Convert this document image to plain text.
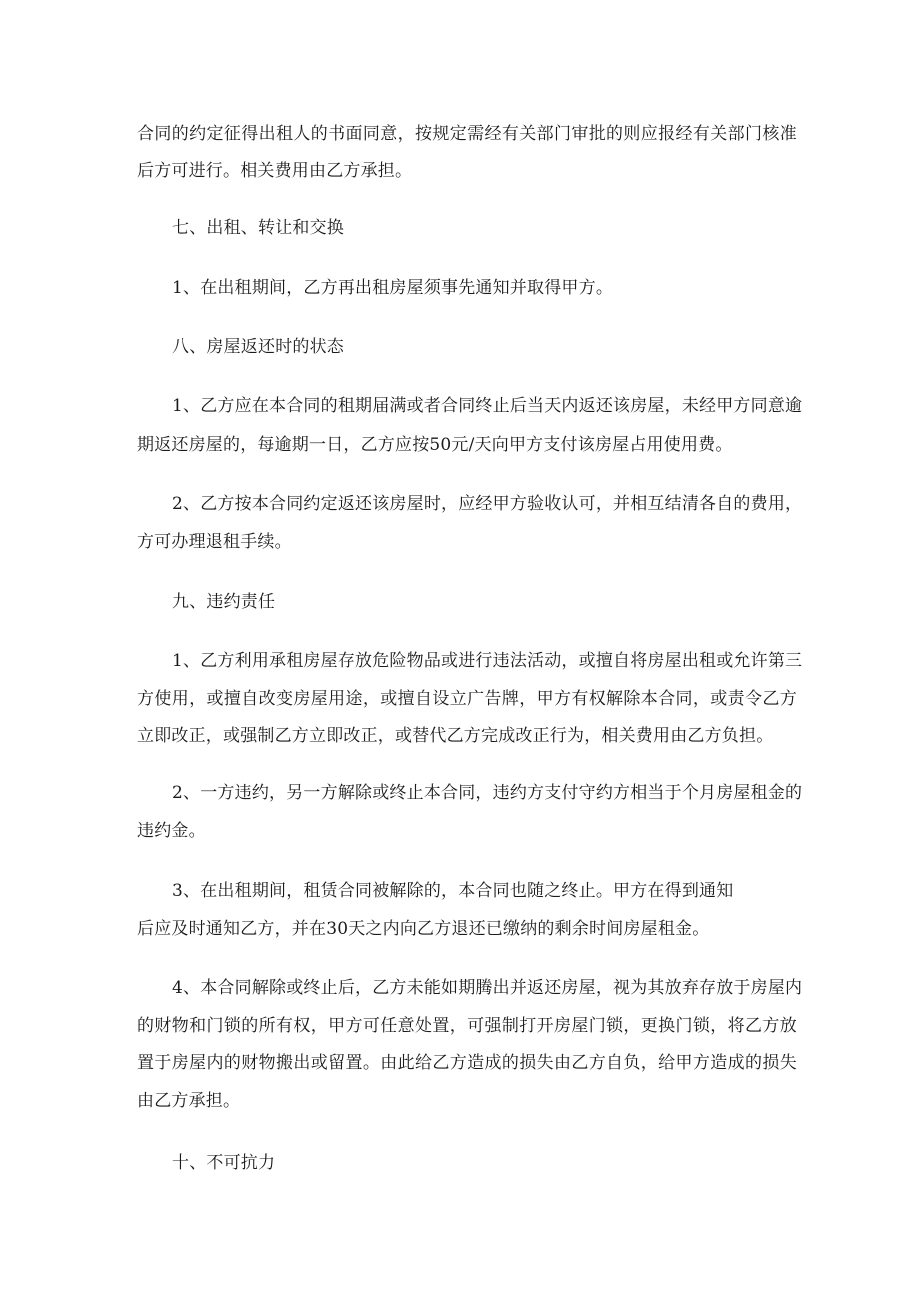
合同的约定征得出租人的书面同意，按规定需经有关部门审批的则应报经有关部门核准

后方可进行。相关费用由乙方承担。

七、出租、转让和交换

1、在出租期间，乙方再出租房屋须事先通知并取得甲方。

八、房屋返还时的状态

1、乙方应在本合同的租期届满或者合同终止后当天内返还该房屋，未经甲方同意逾

期返还房屋的，每逾期一日，乙方应按50元/天向甲方支付该房屋占用使用费。

2、乙方按本合同约定返还该房屋时，应经甲方验收认可，并相互结清各自的费用，

方可办理退租手续。

九、违约责任

1、乙方利用承租房屋存放危险物品或进行违法活动，或擅自将房屋出租或允许第三

方使用，或擅自改变房屋用途，或擅自设立广告牌，甲方有权解除本合同，或责令乙方

立即改正，或强制乙方立即改正，或替代乙方完成改正行为，相关费用由乙方负担。

2、一方违约，另一方解除或终止本合同，违约方支付守约方相当于个月房屋租金的

违约金。

3、在出租期间，租赁合同被解除的，本合同也随之终止。甲方在得到通知

后应及时通知乙方，并在30天之内向乙方退还已缴纳的剩余时间房屋租金。

4、本合同解除或终止后，乙方未能如期腾出并返还房屋，视为其放弃存放于房屋内

的财物和门锁的所有权，甲方可任意处置，可强制打开房屋门锁，更换门锁，将乙方放

置于房屋内的财物搬出或留置。由此给乙方造成的损失由乙方自负，给甲方造成的损失

由乙方承担。

十、不可抗力
